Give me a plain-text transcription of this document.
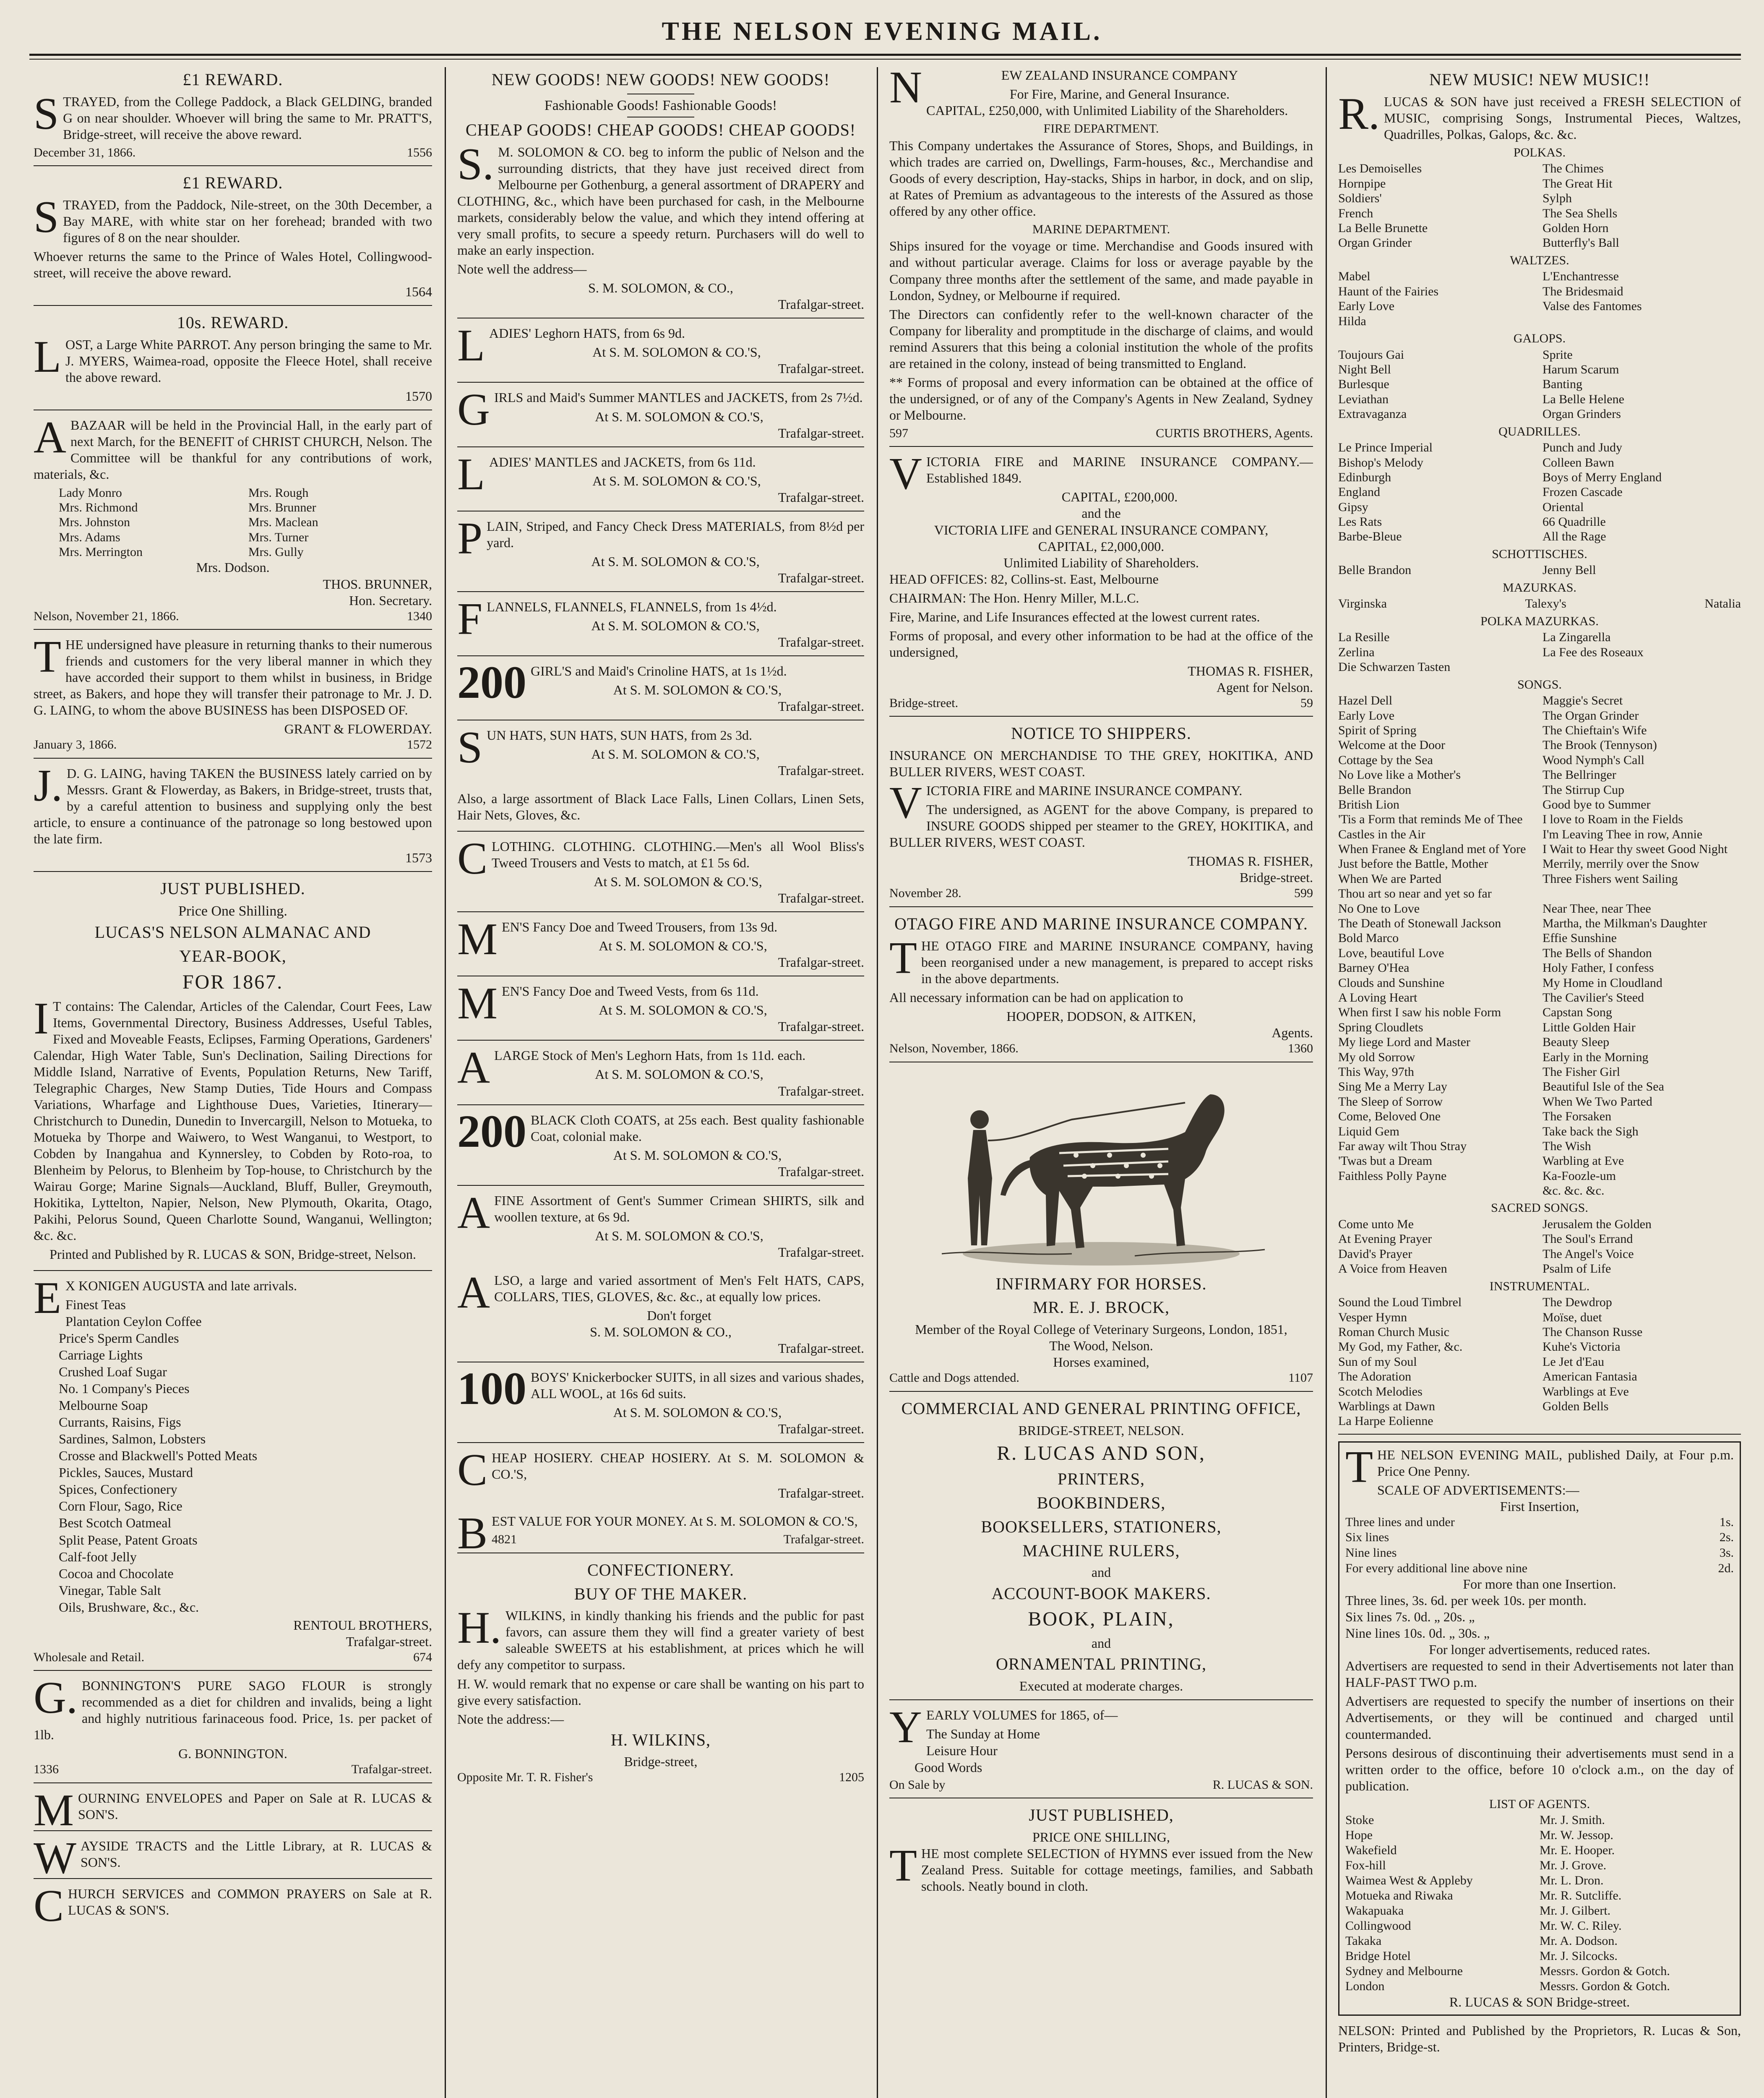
THE NELSON EVENING MAIL.
£1 REWARD.

STRAYED, from the College Paddock, a Black GELDING, branded G on near shoulder. Whoever will bring the same to Mr. PRATT'S, Bridge-street, will receive the above reward.

December 31, 1866.	1556
£1 REWARD.

STRAYED, from the Paddock, Nile-street, on the 30th December, a Bay MARE, with white star on her forehead; branded with two figures of 8 on the near shoulder.

Whoever returns the same to the Prince of Wales Hotel, Collingwood-street, will receive the above reward.

1564
10s. REWARD.

LOST, a Large White PARROT. Any person bringing the same to Mr. J. MYERS, Waimea-road, opposite the Fleece Hotel, shall receive the above reward.

1570

ABAZAAR will be held in the Provincial Hall, in the early part of next March, for the BENEFIT of CHRIST CHURCH, Nelson. The Committee will be thankful for any contributions of work, materials, &c.

Lady Monro	Mrs. Rough
Mrs. Richmond	Mrs. Brunner
Mrs. Johnston	Mrs. Maclean
Mrs. Adams	Mrs. Turner
Mrs. Merrington	Mrs. Gully
Mrs. Dodson.
THOS. BRUNNER,
Hon. Secretary.
Nelson, November 21, 1866.	1340

THE undersigned have pleasure in returning thanks to their numerous friends and customers for the very liberal manner in which they have accorded their support to them whilst in business, in Bridge street, as Bakers, and hope they will transfer their patronage to Mr. J. D. G. LAING, to whom the above BUSINESS has been DISPOSED OF.

GRANT & FLOWERDAY.
January 3, 1866.	1572

J.D. G. LAING, having TAKEN the BUSINESS lately carried on by Messrs. Grant & Flowerday, as Bakers, in Bridge-street, trusts that, by a careful attention to business and supplying only the best article, to ensure a continuance of the patronage so long bestowed upon the late firm.

1573
JUST PUBLISHED.
Price One Shilling.
LUCAS'S NELSON ALMANAC AND
YEAR-BOOK,
FOR 1867.

IT contains: The Calendar, Articles of the Calendar, Court Fees, Law Items, Governmental Directory, Business Addresses, Useful Tables, Fixed and Moveable Feasts, Eclipses, Farming Operations, Gardeners' Calendar, High Water Table, Sun's Declination, Sailing Directions for Middle Island, Narrative of Events, Population Returns, New Tariff, Telegraphic Charges, New Stamp Duties, Tide Hours and Compass Variations, Wharfage and Lighthouse Dues, Varieties, Itinerary—Christchurch to Dunedin, Dunedin to Invercargill, Nelson to Motueka, to Motueka by Thorpe and Waiwero, to West Wanganui, to Westport, to Cobden by Inangahua and Kynnersley, to Cobden by Roto-roa, to Blenheim by Pelorus, to Blenheim by Top-house, to Christchurch by the Wairau Gorge; Marine Signals—Auckland, Bluff, Buller, Greymouth, Hokitika, Lyttelton, Napier, Nelson, New Plymouth, Okarita, Otago, Pakihi, Pelorus Sound, Queen Charlotte Sound, Wanganui, Wellington; &c. &c.

Printed and Published by R. LUCAS & SON, Bridge-street, Nelson.

EX KONIGEN AUGUSTA and late arrivals.

Finest Teas
Plantation Ceylon Coffee
Price's Sperm Candles
Carriage Lights
Crushed Loaf Sugar
No. 1 Company's Pieces
Melbourne Soap
Currants, Raisins, Figs
Sardines, Salmon, Lobsters
Crosse and Blackwell's Potted Meats
Pickles, Sauces, Mustard
Spices, Confectionery
Corn Flour, Sago, Rice
Best Scotch Oatmeal
Split Pease, Patent Groats
Calf-foot Jelly
Cocoa and Chocolate
Vinegar, Table Salt
Oils, Brushware, &c., &c.
RENTOUL BROTHERS,
Trafalgar-street.
Wholesale and Retail.	674

G.BONNINGTON'S PURE SAGO FLOUR is strongly recommended as a diet for children and invalids, being a light and highly nutritious farinaceous food. Price, 1s. per packet of 1lb.

G. BONNINGTON.
1336	Trafalgar-street.

MOURNING ENVELOPES and Paper on Sale at R. LUCAS & SON'S.

WAYSIDE TRACTS and the Little Library, at R. LUCAS & SON'S.

CHURCH SERVICES and COMMON PRAYERS on Sale at R. LUCAS & SON'S.

NEW GOODS! NEW GOODS! NEW GOODS!
Fashionable Goods! Fashionable Goods!
CHEAP GOODS! CHEAP GOODS! CHEAP GOODS!

S.M. SOLOMON & CO. beg to inform the public of Nelson and the surrounding districts, that they have just received direct from Melbourne per Gothenburg, a general assortment of DRAPERY and CLOTHING, &c., which have been purchased for cash, in the Melbourne markets, considerably below the value, and which they intend offering at very small profits, to secure a speedy return. Purchasers will do well to make an early inspection.

Note well the address—

S. M. SOLOMON, & CO.,
Trafalgar-street.

LADIES' Leghorn HATS, from 6s 9d.

At S. M. SOLOMON & CO.'S,
Trafalgar-street.

GIRLS and Maid's Summer MANTLES and JACKETS, from 2s 7½d.

At S. M. SOLOMON & CO.'S,
Trafalgar-street.

LADIES' MANTLES and JACKETS, from 6s 11d.

At S. M. SOLOMON & CO.'S,
Trafalgar-street.

PLAIN, Striped, and Fancy Check Dress MATERIALS, from 8½d per yard.

At S. M. SOLOMON & CO.'S,
Trafalgar-street.

FLANNELS, FLANNELS, FLANNELS, from 1s 4½d.

At S. M. SOLOMON & CO.'S,
Trafalgar-street.
200 GIRL'S and Maid's Crinoline HATS, at 1s 1½d.

At S. M. SOLOMON & CO.'S,
Trafalgar-street.

SUN HATS, SUN HATS, SUN HATS, from 2s 3d.

At S. M. SOLOMON & CO.'S,
Trafalgar-street.

Also, a large assortment of Black Lace Falls, Linen Collars, Linen Sets, Hair Nets, Gloves, &c.

CLOTHING. CLOTHING. CLOTHING.—Men's all Wool Bliss's Tweed Trousers and Vests to match, at £1 5s 6d.

At S. M. SOLOMON & CO.'S,
Trafalgar-street.

MEN'S Fancy Doe and Tweed Trousers, from 13s 9d.

At S. M. SOLOMON & CO.'S,
Trafalgar-street.

MEN'S Fancy Doe and Tweed Vests, from 6s 11d.

At S. M. SOLOMON & CO.'S,
Trafalgar-street.

ALARGE Stock of Men's Leghorn Hats, from 1s 11d. each.

At S. M. SOLOMON & CO.'S,
Trafalgar-street.
200 BLACK Cloth COATS, at 25s each. Best quality fashionable Coat, colonial make.

At S. M. SOLOMON & CO.'S,
Trafalgar-street.

AFINE Assortment of Gent's Summer Crimean SHIRTS, silk and woollen texture, at 6s 9d.

At S. M. SOLOMON & CO.'S,
Trafalgar-street.

ALSO, a large and varied assortment of Men's Felt HATS, CAPS, COLLARS, TIES, GLOVES, &c. &c., at equally low prices.

Don't forget
S. M. SOLOMON & CO.,
Trafalgar-street.
100 BOYS' Knickerbocker SUITS, in all sizes and various shades, ALL WOOL, at 16s 6d suits.

At S. M. SOLOMON & CO.'S,
Trafalgar-street.

CHEAP HOSIERY. CHEAP HOSIERY. At S. M. SOLOMON & CO.'S,

Trafalgar-street.

BEST VALUE FOR YOUR MONEY. At S. M. SOLOMON & CO.'S,

4821	Trafalgar-street.
CONFECTIONERY.
BUY OF THE MAKER.

H.WILKINS, in kindly thanking his friends and the public for past favors, can assure them they will find a greater variety of best saleable SWEETS at his establishment, at prices which he will defy any competitor to surpass.

H. W. would remark that no expense or care shall be wanting on his part to give every satisfaction.

Note the address:—

H. WILKINS,
Bridge-street,
Opposite Mr. T. R. Fisher's	1205

NEW ZEALAND INSURANCE COMPANY

For Fire, Marine, and General Insurance.

CAPITAL, £250,000, with Unlimited Liability of the Shareholders.

FIRE DEPARTMENT.

This Company undertakes the Assurance of Stores, Shops, and Buildings, in which trades are carried on, Dwellings, Farm-houses, &c., Merchandise and Goods of every description, Hay-stacks, Ships in harbor, in dock, and on slip, at Rates of Premium as advantageous to the interests of the Assured as those offered by any other office.

MARINE DEPARTMENT.

Ships insured for the voyage or time. Merchandise and Goods insured with and without particular average. Claims for loss or average payable by the Company three months after the settlement of the same, and made payable in London, Sydney, or Melbourne if required.

The Directors can confidently refer to the well-known character of the Company for liberality and promptitude in the discharge of claims, and would remind Assurers that this being a colonial institution the whole of the profits are retained in the colony, instead of being transmitted to England.

** Forms of proposal and every information can be obtained at the office of the undersigned, or of any of the Company's Agents in New Zealand, Sydney or Melbourne.

597	CURTIS BROTHERS, Agents.

VICTORIA FIRE and MARINE INSURANCE COMPANY.—Established 1849.

CAPITAL, £200,000.
and the
VICTORIA LIFE and GENERAL INSURANCE COMPANY,
CAPITAL, £2,000,000.
Unlimited Liability of Shareholders.

HEAD OFFICES: 82, Collins-st. East, Melbourne

CHAIRMAN: The Hon. Henry Miller, M.L.C.

Fire, Marine, and Life Insurances effected at the lowest current rates.

Forms of proposal, and every other information to be had at the office of the undersigned,

THOMAS R. FISHER,
Agent for Nelson.
Bridge-street.	59
NOTICE TO SHIPPERS.

INSURANCE ON MERCHANDISE TO THE GREY, HOKITIKA, AND BULLER RIVERS, WEST COAST.

VICTORIA FIRE and MARINE INSURANCE COMPANY.

The undersigned, as AGENT for the above Company, is prepared to INSURE GOODS shipped per steamer to the GREY, HOKITIKA, and BULLER RIVERS, WEST COAST.

THOMAS R. FISHER,
Bridge-street.
November 28.	599
OTAGO FIRE AND MARINE INSURANCE COMPANY.

THE OTAGO FIRE and MARINE INSURANCE COMPANY, having been reorganised under a new management, is prepared to accept risks in the above departments.

All necessary information can be had on application to

HOOPER, DODSON, & AITKEN,
Agents.
Nelson, November, 1866.	1360
INFIRMARY FOR HORSES.
MR. E. J. BROCK,
Member of the Royal College of Veterinary Surgeons, London, 1851,
The Wood, Nelson.
Horses examined,
Cattle and Dogs attended.	1107
COMMERCIAL AND GENERAL PRINTING OFFICE,
BRIDGE-STREET, NELSON.
R. LUCAS AND SON,
PRINTERS,
BOOKBINDERS,
BOOKSELLERS, STATIONERS,
MACHINE RULERS,
and
ACCOUNT-BOOK MAKERS.
BOOK, PLAIN,
and
ORNAMENTAL PRINTING,
Executed at moderate charges.

YEARLY VOLUMES for 1865, of—

The Sunday at Home
Leisure Hour
Good Words
On Sale by	R. LUCAS & SON.
JUST PUBLISHED,
PRICE ONE SHILLING,

THE most complete SELECTION of HYMNS ever issued from the New Zealand Press. Suitable for cottage meetings, families, and Sabbath schools. Neatly bound in cloth.

NEW MUSIC! NEW MUSIC!!

R.LUCAS & SON have just received a FRESH SELECTION of MUSIC, comprising Songs, Instrumental Pieces, Waltzes, Quadrilles, Polkas, Galops, &c. &c.

POLKAS.
Les Demoiselles	The Chimes
Hornpipe	The Great Hit
Soldiers'	Sylph
French	The Sea Shells
La Belle Brunette	Golden Horn
Organ Grinder	Butterfly's Ball
WALTZES.
Mabel	L'Enchantresse
Haunt of the Fairies	The Bridesmaid
Early Love	Valse des Fantomes
Hilda
GALOPS.
Toujours Gai	Sprite
Night Bell	Harum Scarum
Burlesque	Banting
Leviathan	La Belle Helene
Extravaganza	Organ Grinders
QUADRILLES.
Le Prince Imperial	Punch and Judy
Bishop's Melody	Colleen Bawn
Edinburgh	Boys of Merry England
England	Frozen Cascade
Gipsy	Oriental
Les Rats	66 Quadrille
Barbe-Bleue	All the Rage
SCHOTTISCHES.
Belle Brandon	Jenny Bell
MAZURKAS.
Virginska	Talexy's	Natalia
POLKA MAZURKAS.
La Resille	La Zingarella
Zerlina	La Fee des Roseaux
Die Schwarzen Tasten
SONGS.
Hazel Dell	Maggie's Secret
Early Love	The Organ Grinder
Spirit of Spring	The Chieftain's Wife
Welcome at the Door	The Brook (Tennyson)
Cottage by the Sea	Wood Nymph's Call
No Love like a Mother's	The Bellringer
Belle Brandon	The Stirrup Cup
British Lion	Good bye to Summer
'Tis a Form that reminds Me of Thee	I love to Roam in the Fields
Castles in the Air	I'm Leaving Thee in row, Annie
When Franee & England met of Yore	I Wait to Hear thy sweet Good Night
Just before the Battle, Mother	Merrily, merrily over the Snow
When We are Parted	Three Fishers went Sailing
Thou art so near and yet so far
No One to Love	Near Thee, near Thee
The Death of Stonewall Jackson	Martha, the Milkman's Daughter
Bold Marco	Effie Sunshine
Love, beautiful Love	The Bells of Shandon
Barney O'Hea	Holy Father, I confess
Clouds and Sunshine	My Home in Cloudland
A Loving Heart	The Cavilier's Steed
When first I saw his noble Form	Capstan Song
Spring Cloudlets	Little Golden Hair
My liege Lord and Master	Beauty Sleep
My old Sorrow	Early in the Morning
This Way, 97th	The Fisher Girl
Sing Me a Merry Lay	Beautiful Isle of the Sea
The Sleep of Sorrow	When We Two Parted
Come, Beloved One	The Forsaken
Liquid Gem	Take back the Sigh
Far away wilt Thou Stray	The Wish
'Twas but a Dream	Warbling at Eve
Faithless Polly Payne	Ka-Foozle-um
&c. &c. &c.
SACRED SONGS.
Come unto Me	Jerusalem the Golden
At Evening Prayer	The Soul's Errand
David's Prayer	The Angel's Voice
A Voice from Heaven	Psalm of Life
INSTRUMENTAL.
Sound the Loud Timbrel	The Dewdrop
Vesper Hymn	Moïse, duet
Roman Church Music	The Chanson Russe
My God, my Father, &c.	Kuhe's Victoria
Sun of my Soul	Le Jet d'Eau
The Adoration	American Fantasia
Scotch Melodies	Warblings at Eve
Warblings at Dawn	Golden Bells
La Harpe Eolienne

THE NELSON EVENING MAIL, published Daily, at Four p.m. Price One Penny.

SCALE OF ADVERTISEMENTS:—
First Insertion,
Three lines and under	1s.
Six lines	2s.
Nine lines	3s.
For every additional line above nine	2d.
For more than one Insertion.
Three lines, 3s. 6d. per week 10s. per month.
Six lines 7s. 0d. „ 20s. „
Nine lines 10s. 0d. „ 30s. „
For longer advertisements, reduced rates.

Advertisers are requested to send in their Advertisements not later than HALF-PAST TWO p.m.

Advertisers are requested to specify the number of insertions on their Advertisements, or they will be continued and charged until countermanded.

Persons desirous of discontinuing their advertisements must send in a written order to the office, before 10 o'clock a.m., on the day of publication.

LIST OF AGENTS.
Stoke	Mr. J. Smith.
Hope	Mr. W. Jessop.
Wakefield	Mr. E. Hooper.
Fox-hill	Mr. J. Grove.
Waimea West & Appleby	Mr. L. Dron.
Motueka and Riwaka	Mr. R. Sutcliffe.
Wakapuaka	Mr. J. Gilbert.
Collingwood	Mr. W. C. Riley.
Takaka	Mr. A. Dodson.
Bridge Hotel	Mr. J. Silcocks.
Sydney and Melbourne	Messrs. Gordon & Gotch.
London	Messrs. Gordon & Gotch.
R. LUCAS & SON Bridge-street.

NELSON: Printed and Published by the Proprietors, R. Lucas & Son, Printers, Bridge-st.
